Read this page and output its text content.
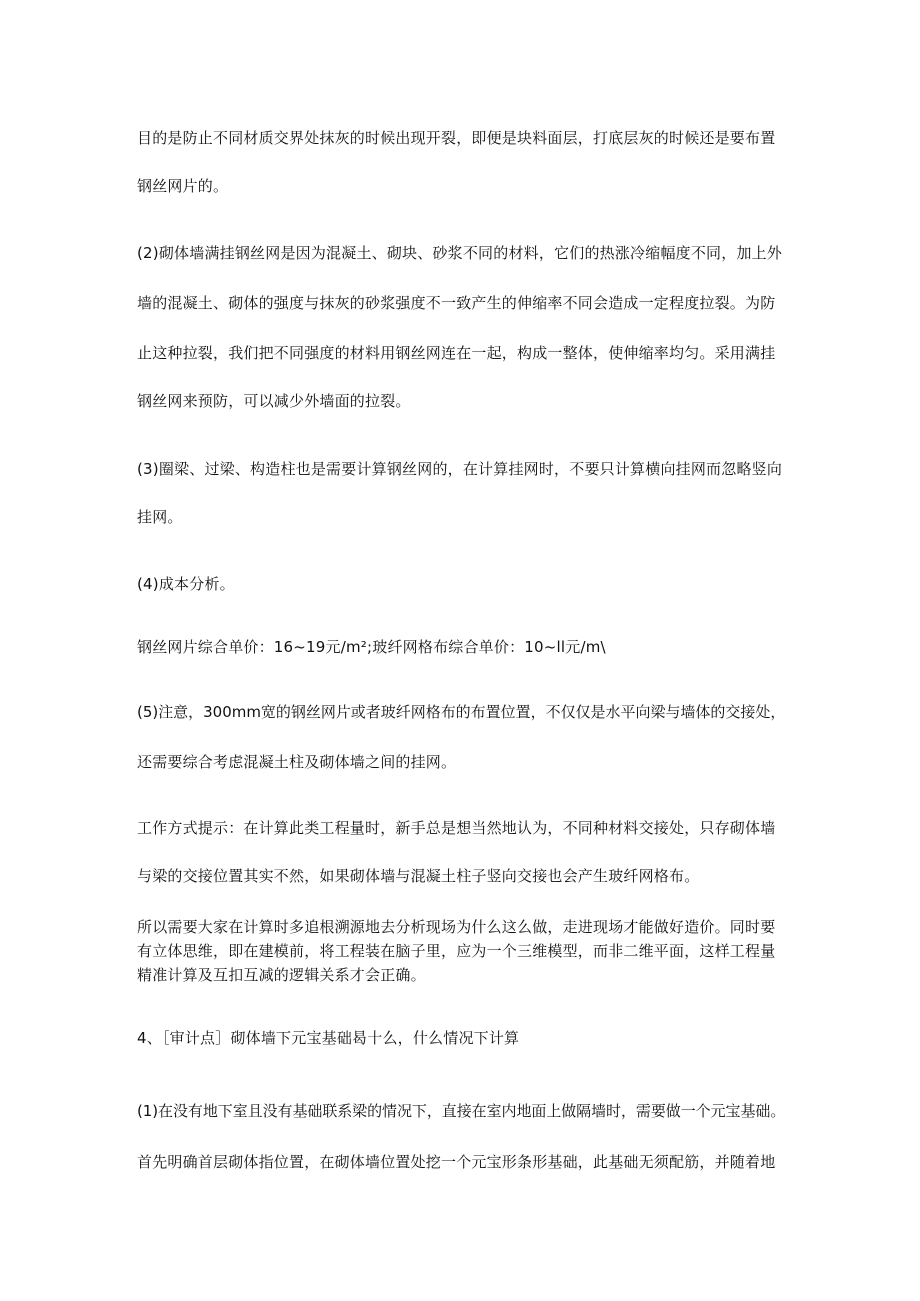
目的是防止不同材质交界处抹灰的时候出现开裂，即便是块料面层，打底层灰的时候还是要布置
钢丝网片的。
(2)砌体墙满挂钢丝网是因为混凝土、砌块、砂浆不同的材料，它们的热涨冷缩幅度不同，加上外
墙的混凝土、砌体的强度与抹灰的砂浆强度不一致产生的伸缩率不同会造成一定程度拉裂。为防
止这种拉裂，我们把不同强度的材料用钢丝网连在一起，构成一整体，使伸缩率均匀。采用满挂
钢丝网来预防，可以减少外墙面的拉裂。
(3)圈梁、过梁、构造柱也是需要计算钢丝网的，在计算挂网时，不要只计算横向挂网而忽略竖向
挂网。
(4)成本分析。
钢丝网片综合单价：16~19元/m²;玻纤网格布综合单价：10~ll元/m\
(5)注意，300mm宽的钢丝网片或者玻纤网格布的布置位置，不仅仅是水平向梁与墙体的交接处，
还需要综合考虑混凝土柱及砌体墙之间的挂网。
工作方式提示：在计算此类工程量时，新手总是想当然地认为，不同种材料交接处，只存砌体墙
与梁的交接位置其实不然，如果砌体墙与混凝土柱子竖向交接也会产生玻纤网格布。
所以需要大家在计算时多追根溯源地去分析现场为什么这么做，走进现场才能做好造价。同时要
有立体思维，即在建模前，将工程装在脑子里，应为一个三维模型，而非二维平面，这样工程量
精准计算及互扣互减的逻辑关系才会正确。
4、［审计点］砌体墙下元宝基础曷十么，什么情况下计算
(1)在没有地下室且没有基础联系梁的情况下，直接在室内地面上做隔墙时，需要做一个元宝基础。
首先明确首层砌体指位置，在砌体墙位置处挖一个元宝形条形基础，此基础无须配筋，并随着地
